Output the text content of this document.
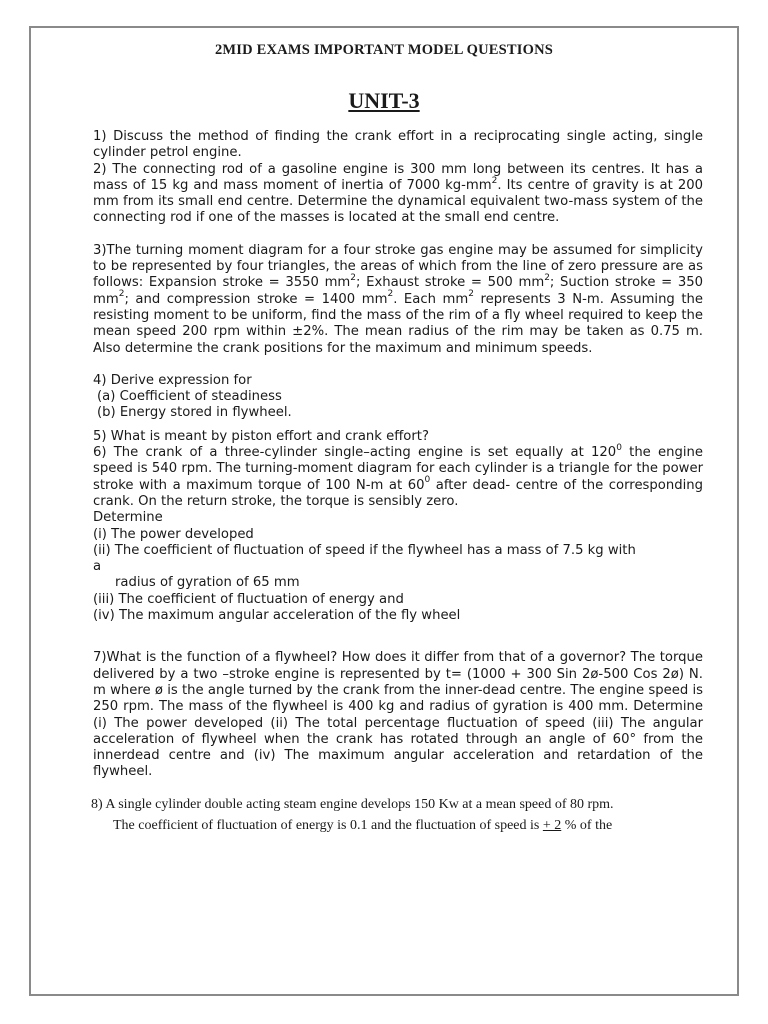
2MID EXAMS IMPORTANT MODEL QUESTIONS
UNIT-3

1) Discuss the method of finding the crank effort in a reciprocating single acting, single cylinder petrol engine.

2) The connecting rod of a gasoline engine is 300 mm long between its centres. It has a mass of 15 kg and mass moment of inertia of 7000 $kg-mm^2$. Its centre of gravity is at 200 mm from its small end centre. Determine the dynamical equivalent two-mass system of the connecting rod if one of the masses is located at the small end centre.

3)The turning moment diagram for a four stroke gas engine may be assumed for simplicity to be represented by four triangles, the areas of which from the line of zero pressure are as follows: Expansion stroke = 3550 $mm^2$; Exhaust stroke = 500 $mm^2$; Suction stroke = 350 $mm^2$; and compression stroke = 1400 $mm^2$. Each $mm^2$ represents 3 N-m. Assuming the resisting moment to be uniform, find the mass of the rim of a fly wheel required to keep the mean speed 200 rpm within ±2%. The mean radius of the rim may be taken as 0.75 m. Also determine the crank positions for the maximum and minimum speeds.

4) Derive expression for

(a) Coefficient of steadiness

(b) Energy stored in flywheel.

5) What is meant by piston effort and crank effort?

6) The crank of a three-cylinder single–acting engine is set equally at $120^0$ the engine speed is 540 rpm. The turning-moment diagram for each cylinder is a triangle for the power stroke with a maximum torque of 100 N-m at $60^0$ after dead- centre of the corresponding crank. On the return stroke, the torque is sensibly zero.

Determine

(i) The power developed

(ii) The coefficient of fluctuation of speed if the flywheel has a mass of 7.5 kg with

a

radius of gyration of 65 mm

(iii) The coefficient of fluctuation of energy and

(iv) The maximum angular acceleration of the fly wheel

7)What is the function of a flywheel? How does it differ from that of a governor? The torque delivered by a two –stroke engine is represented by t= (1000 + 300 Sin 2ø-500 Cos 2ø) N. m where ø is the angle turned by the crank from the inner-dead centre. The engine speed is 250 rpm. The mass of the flywheel is 400 kg and radius of gyration is 400 mm. Determine (i) The power developed (ii) The total percentage fluctuation of speed (iii) The angular acceleration of flywheel when the crank has rotated through an angle of 60° from the innerdead centre and (iv) The maximum angular acceleration and retardation of the flywheel.

8) A single cylinder double acting steam engine develops 150 Kw at a mean speed of 80 rpm.
The coefficient of fluctuation of energy is 0.1 and the fluctuation of speed is + 2 % of the
